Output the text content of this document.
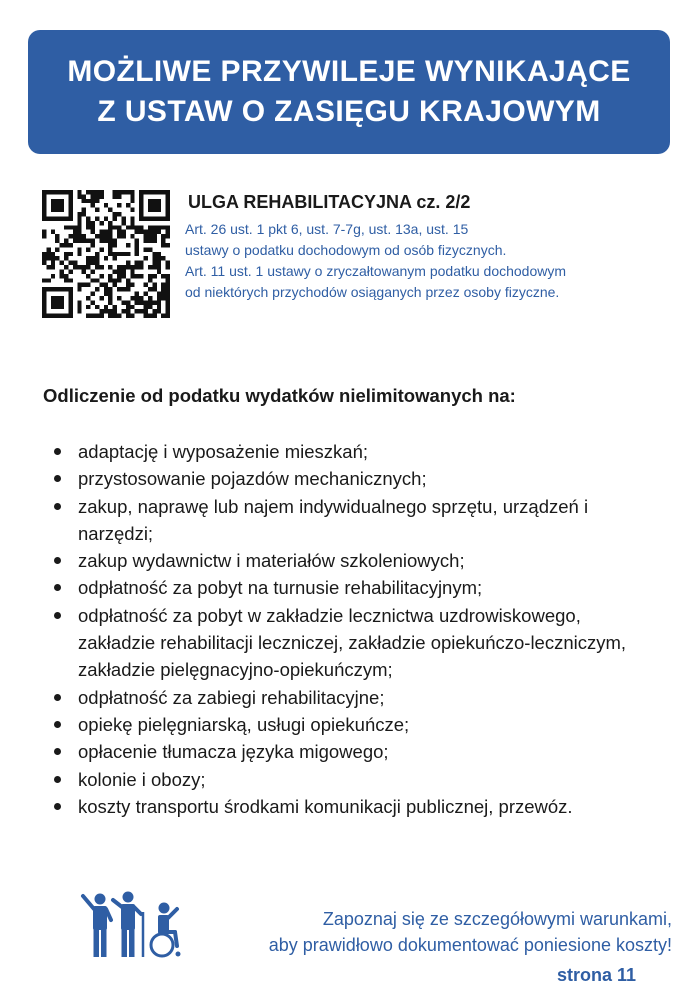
MOŻLIWE PRZYWILEJE WYNIKAJĄCE
Z USTAW O ZASIĘGU KRAJOWYM
ULGA REHABILITACYJNA cz. 2/2
Art. 26 ust. 1 pkt 6, ust. 7-7g, ust. 13a, ust. 15
ustawy o podatku dochodowym od osób fizycznych.
Art. 11 ust. 1 ustawy o zryczałtowanym podatku dochodowym
od niektórych przychodów osiąganych przez osoby fizyczne.
Odliczenie od podatku wydatków nielimitowanych na:
adaptację i wyposażenie mieszkań;
przystosowanie pojazdów mechanicznych;
zakup, naprawę lub najem indywidualnego sprzętu, urządzeń i narzędzi;
zakup wydawnictw i materiałów szkoleniowych;
odpłatność za pobyt na turnusie rehabilitacyjnym;
odpłatność za pobyt w zakładzie lecznictwa uzdrowiskowego, zakładzie rehabilitacji leczniczej, zakładzie opiekuńczo-leczniczym, zakładzie pielęgnacyjno-opiekuńczym;
odpłatność za zabiegi rehabilitacyjne;
opiekę pielęgniarską, usługi opiekuńcze;
opłacenie tłumacza języka migowego;
kolonie i obozy;
koszty transportu środkami komunikacji publicznej, przewóz.
Zapoznaj się ze szczegółowymi warunkami,
aby prawidłowo dokumentować poniesione koszty!
strona 11
